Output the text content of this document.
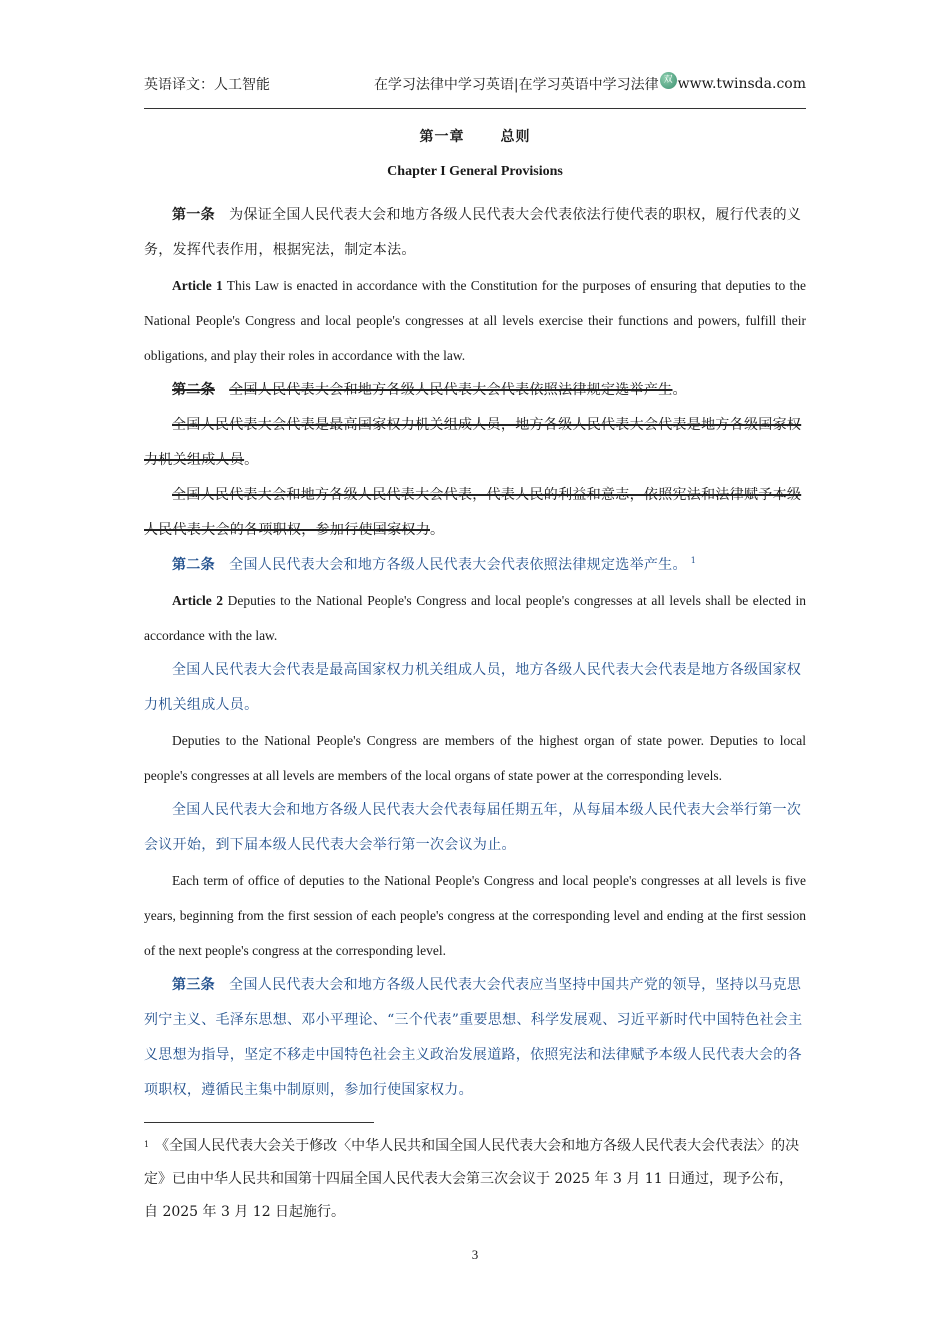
英语译文：人工智能	在学习法律中学习英语|在学习英语中学习法律 双 www.twinsda.com
第一章	总则
Chapter I General Provisions

第一条 为保证全国人民代表大会和地方各级人民代表大会代表依法行使代表的职权，履行代表的义务，发挥代表作用，根据宪法，制定本法。

Article 1 This Law is enacted in accordance with the Constitution for the purposes of ensuring that deputies to the National People's Congress and local people's congresses at all levels exercise their functions and powers, fulfill their obligations, and play their roles in accordance with the law.

第二条 全国人民代表大会和地方各级人民代表大会代表依照法律规定选举产生。

全国人民代表大会代表是最高国家权力机关组成人员，地方各级人民代表大会代表是地方各级国家权力机关组成人员。

全国人民代表大会和地方各级人民代表大会代表，代表人民的利益和意志，依照宪法和法律赋予本级人民代表大会的各项职权，参加行使国家权力。

第二条 全国人民代表大会和地方各级人民代表大会代表依照法律规定选举产生。 $^1$

Article 2 Deputies to the National People's Congress and local people's congresses at all levels shall be elected in accordance with the law.

全国人民代表大会代表是最高国家权力机关组成人员，地方各级人民代表大会代表是地方各级国家权力机关组成人员。

Deputies to the National People's Congress are members of the highest organ of state power. Deputies to local people's congresses at all levels are members of the local organs of state power at the corresponding levels.

全国人民代表大会和地方各级人民代表大会代表每届任期五年，从每届本级人民代表大会举行第一次会议开始，到下届本级人民代表大会举行第一次会议为止。

Each term of office of deputies to the National People's Congress and local people's congresses at all levels is five years, beginning from the first session of each people's congress at the corresponding level and ending at the first session of the next people's congress at the corresponding level.

第三条 全国人民代表大会和地方各级人民代表大会代表应当坚持中国共产党的领导，坚持以马克思列宁主义、毛泽东思想、邓小平理论、“三个代表”重要思想、科学发展观、习近平新时代中国特色社会主义思想为指导，坚定不移走中国特色社会主义政治发展道路，依照宪法和法律赋予本级人民代表大会的各项职权，遵循民主集中制原则，参加行使国家权力。

$^1$ 《全国人民代表大会关于修改〈中华人民共和国全国人民代表大会和地方各级人民代表大会代表法〉的决定》已由中华人民共和国第十四届全国人民代表大会第三次会议于 2025 年 3 月 11 日通过，现予公布，自 2025 年 3 月 12 日起施行。
3
